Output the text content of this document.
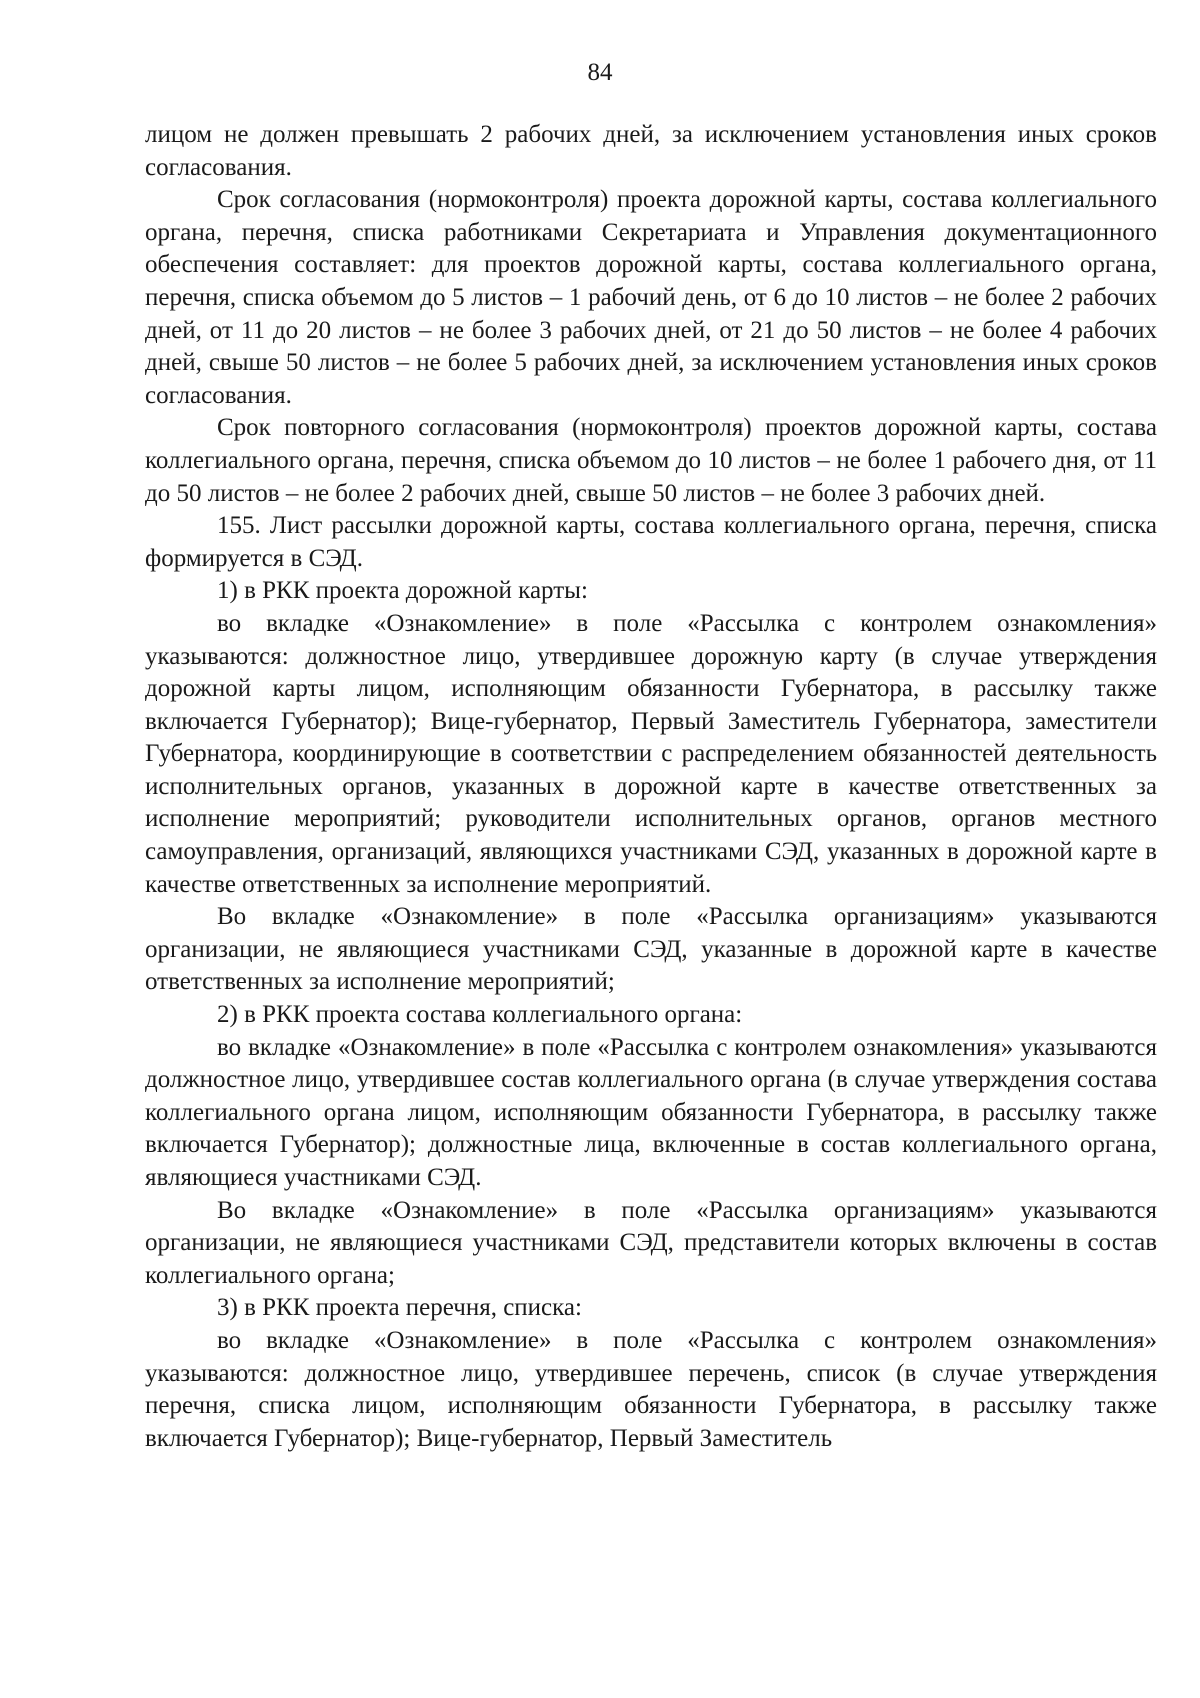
84

лицом не должен превышать 2 рабочих дней, за исключением установления иных сроков согласования.

Срок согласования (нормоконтроля) проекта дорожной карты, состава коллегиального органа, перечня, списка работниками Секретариата и Управления документационного обеспечения составляет: для проектов дорожной карты, состава коллегиального органа, перечня, списка объемом до 5 листов – 1 рабочий день, от 6 до 10 листов – не более 2 рабочих дней, от 11 до 20 листов – не более 3 рабочих дней, от 21 до 50 листов – не более 4 рабочих дней, свыше 50 листов – не более 5 рабочих дней, за исключением установления иных сроков согласования.

Срок повторного согласования (нормоконтроля) проектов дорожной карты, состава коллегиального органа, перечня, списка объемом до 10 листов – не более 1 рабочего дня, от 11 до 50 листов – не более 2 рабочих дней, свыше 50 листов – не более 3 рабочих дней.

155. Лист рассылки дорожной карты, состава коллегиального органа, перечня, списка формируется в СЭД.

1) в РКК проекта дорожной карты:

во вкладке «Ознакомление» в поле «Рассылка с контролем ознакомления» указываются: должностное лицо, утвердившее дорожную карту (в случае утверждения дорожной карты лицом, исполняющим обязанности Губернатора, в рассылку также включается Губернатор); Вице-губернатор, Первый Заместитель Губернатора, заместители Губернатора, координирующие в соответствии с распределением обязанностей деятельность исполнительных органов, указанных в дорожной карте в качестве ответственных за исполнение мероприятий; руководители исполнительных органов, органов местного самоуправления, организаций, являющихся участниками СЭД, указанных в дорожной карте в качестве ответственных за исполнение мероприятий.

Во вкладке «Ознакомление» в поле «Рассылка организациям» указываются организации, не являющиеся участниками СЭД, указанные в дорожной карте в качестве ответственных за исполнение мероприятий;

2) в РКК проекта состава коллегиального органа:

во вкладке «Ознакомление» в поле «Рассылка с контролем ознакомления» указываются должностное лицо, утвердившее состав коллегиального органа (в случае утверждения состава коллегиального органа лицом, исполняющим обязанности Губернатора, в рассылку также включается Губернатор); должностные лица, включенные в состав коллегиального органа, являющиеся участниками СЭД.

Во вкладке «Ознакомление» в поле «Рассылка организациям» указываются организации, не являющиеся участниками СЭД, представители которых включены в состав коллегиального органа;

3) в РКК проекта перечня, списка:

во вкладке «Ознакомление» в поле «Рассылка с контролем ознакомления» указываются: должностное лицо, утвердившее перечень, список (в случае утверждения перечня, списка лицом, исполняющим обязанности Губернатора, в рассылку также включается Губернатор); Вице-губернатор, Первый Заместитель
